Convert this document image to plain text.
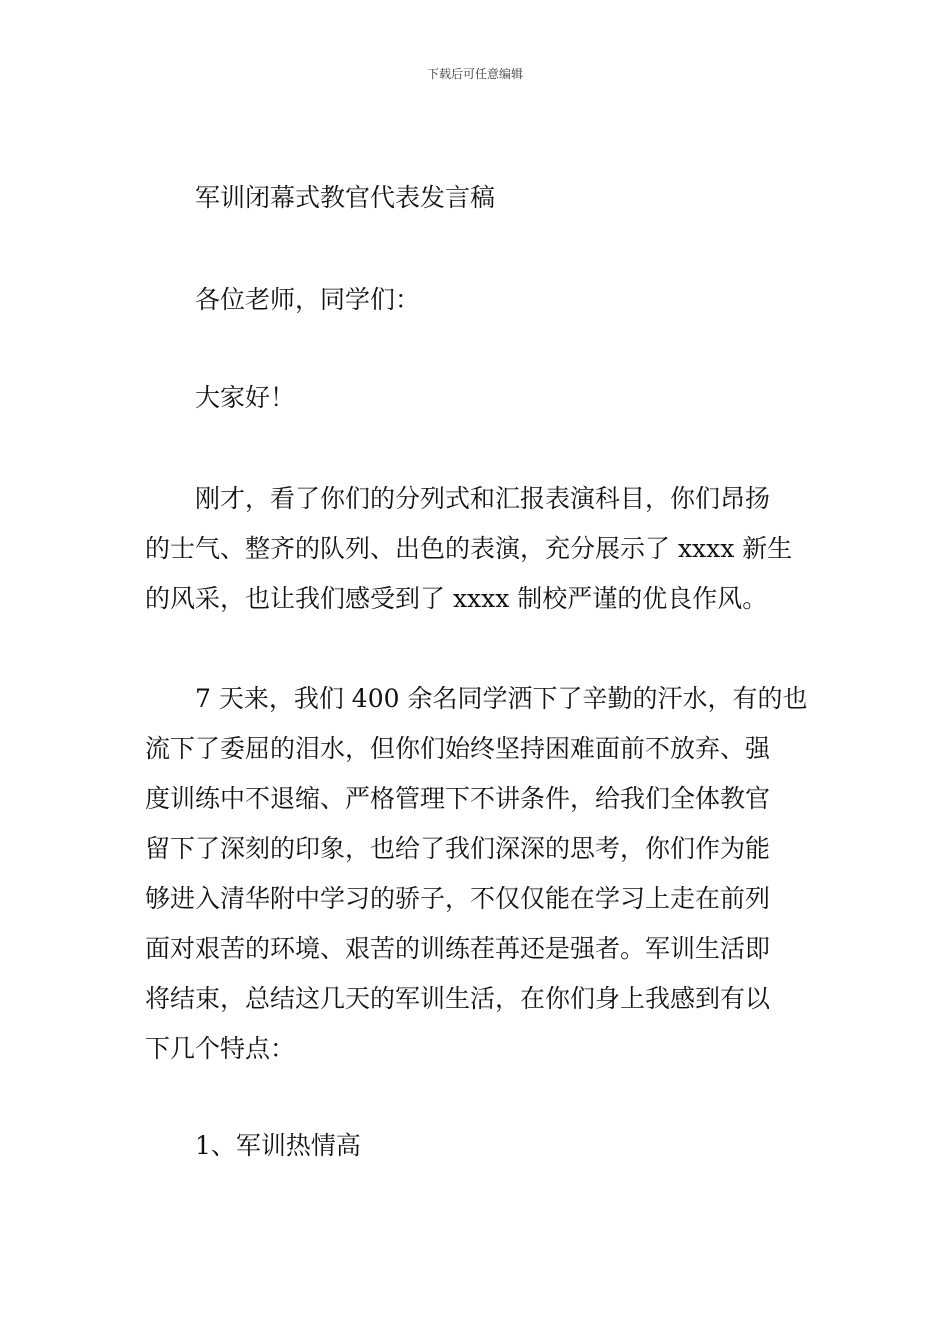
下载后可任意编辑
军训闭幕式教官代表发言稿
各位老师，同学们：
大家好！
刚才，看了你们的分列式和汇报表演科目，你们昂扬
的士气、整齐的队列、出色的表演，充分展示了 xxxx 新生
的风采，也让我们感受到了 xxxx 制校严谨的优良作风。
7 天来，我们 400 余名同学洒下了辛勤的汗水，有的也
流下了委屈的泪水，但你们始终坚持困难面前不放弃、强
度训练中不退缩、严格管理下不讲条件，给我们全体教官
留下了深刻的印象，也给了我们深深的思考，你们作为能
够进入清华附中学习的骄子，不仅仅能在学习上走在前列
面对艰苦的环境、艰苦的训练茬苒还是强者。军训生活即
将结束，总结这几天的军训生活，在你们身上我感到有以
下几个特点：
1、军训热情高
